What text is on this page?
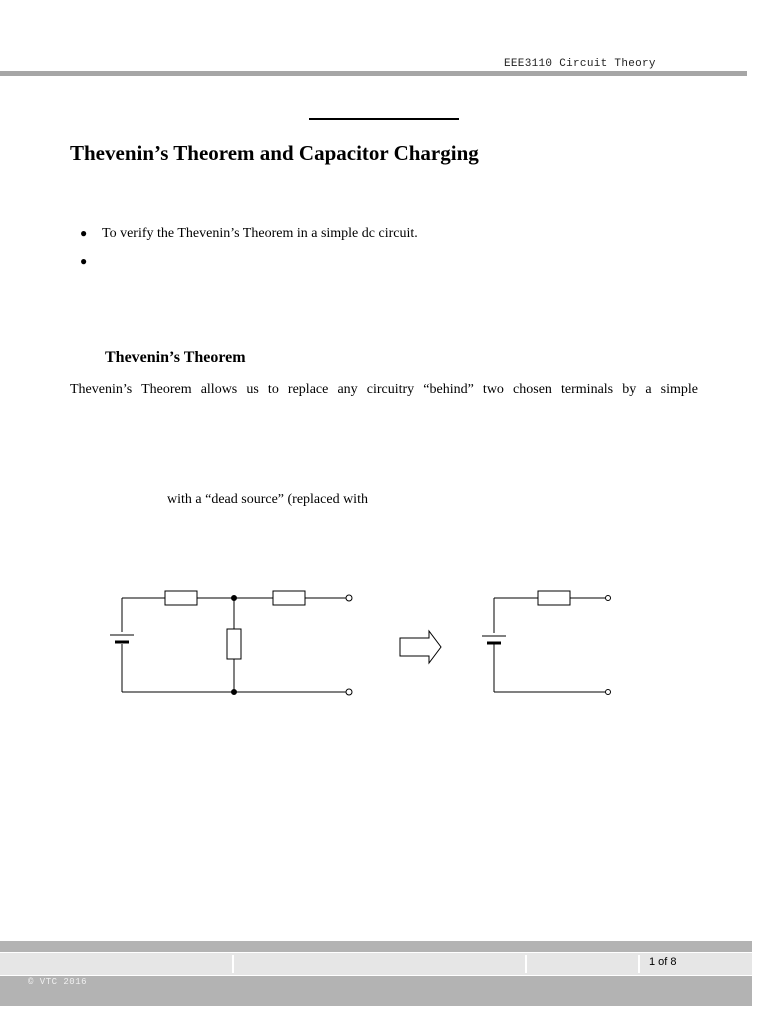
EEE3110 Circuit Theory
Thevenin’s Theorem and Capacitor Charging
● To verify the Thevenin’s Theorem in a simple dc circuit.
●
Thevenin’s Theorem
Thevenin’s Theorem allows us to replace any circuitry “behind” two chosen terminals by a simple
with a “dead source” (replaced with
1 of 8
© VTC 2016
